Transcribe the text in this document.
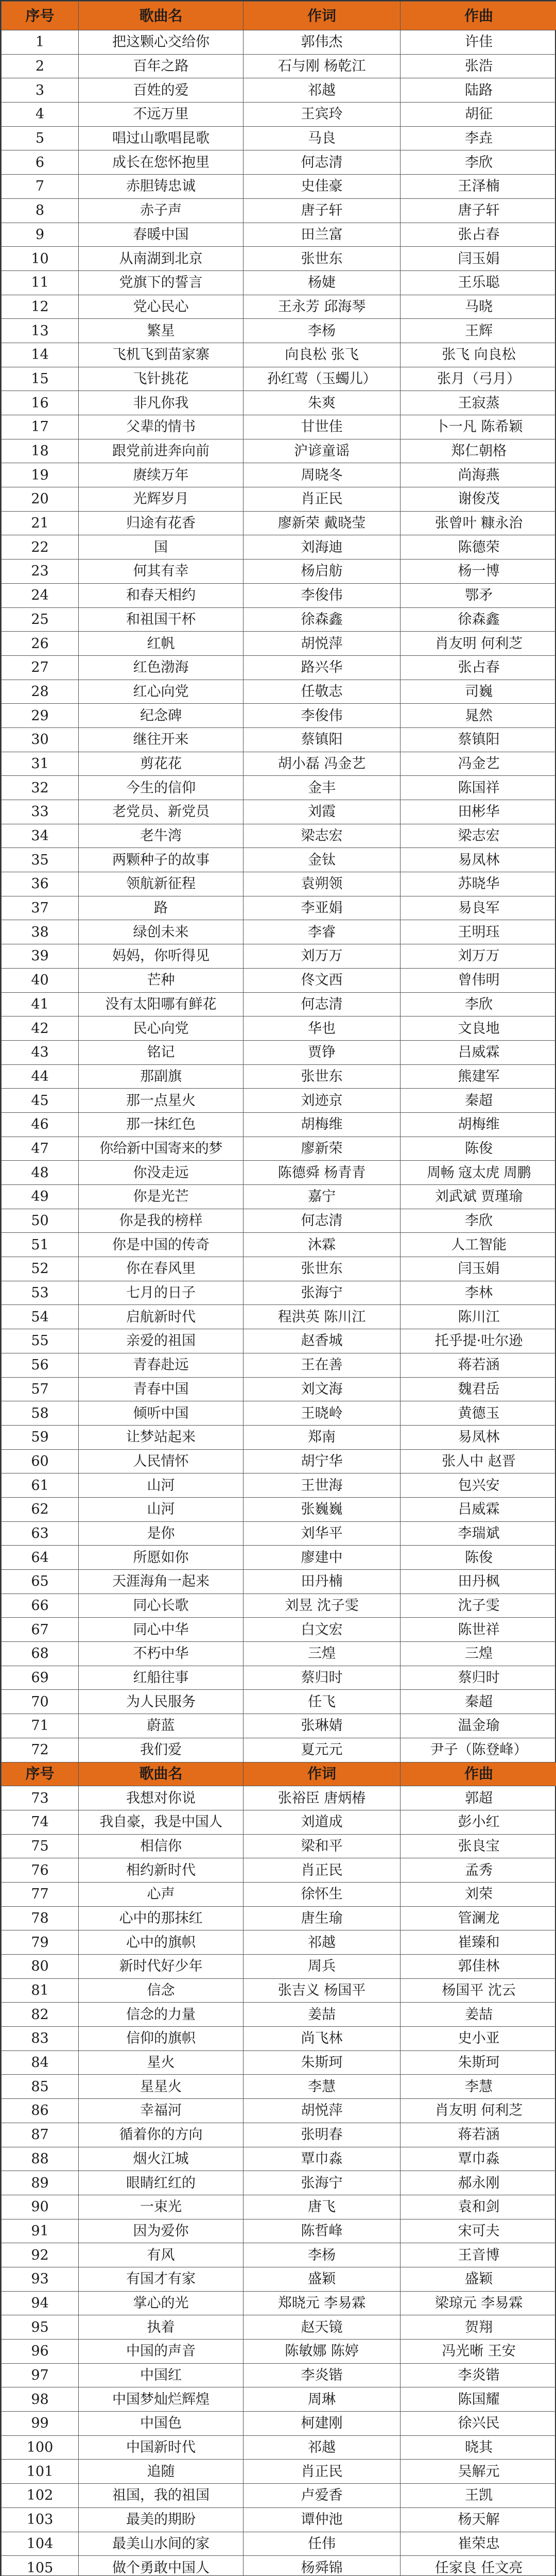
序号	歌曲名	作词	作曲
1	把这颗心交给你	郭伟杰	许佳
2	百年之路	石与刚 杨乾江	张浩
3	百姓的爱	祁越	陆路
4	不远万里	王宾玲	胡征
5	唱过山歌唱昆歌	马良	李垚
6	成长在您怀抱里	何志清	李欣
7	赤胆铸忠诚	史佳豪	王泽楠
8	赤子声	唐子轩	唐子轩
9	春暖中国	田兰富	张占春
10	从南湖到北京	张世东	闫玉娟
11	党旗下的誓言	杨婕	王乐聪
12	党心民心	王永芳 邱海琴	马晓
13	繁星	李杨	王辉
14	飞机飞到苗家寨	向良松 张飞	张飞 向良松
15	飞针挑花	孙红莺（玉蠋儿）	张月（弓月）
16	非凡你我	朱爽	王寂蒸
17	父辈的情书	甘世佳	卜一凡 陈希颖
18	跟党前进奔向前	沪谚童谣	郑仁朝格
19	赓续万年	周晓冬	尚海燕
20	光辉岁月	肖正民	谢俊茂
21	归途有花香	廖新荣 戴晓莹	张曾叶 糠永治
22	国	刘海迪	陈德荣
23	何其有幸	杨启舫	杨一博
24	和春天相约	李俊伟	鄂矛
25	和祖国干杯	徐森鑫	徐森鑫
26	红帆	胡悦萍	肖友明 何利芝
27	红色渤海	路兴华	张占春
28	红心向党	任敬志	司巍
29	纪念碑	李俊伟	晁然
30	继往开来	蔡镇阳	蔡镇阳
31	剪花花	胡小磊 冯金艺	冯金艺
32	今生的信仰	金丰	陈国祥
33	老党员、新党员	刘霞	田彬华
34	老牛湾	梁志宏	梁志宏
35	两颗种子的故事	金钛	易凤林
36	领航新征程	袁朔领	苏晓华
37	路	李亚娟	易良军
38	绿创未来	李睿	王明珏
39	妈妈，你听得见	刘万万	刘万万
40	芒种	佟文西	曾伟明
41	没有太阳哪有鲜花	何志清	李欣
42	民心向党	华也	文良地
43	铭记	贾铮	吕威霖
44	那副旗	张世东	熊建军
45	那一点星火	刘迹京	秦超
46	那一抹红色	胡梅维	胡梅维
47	你给新中国寄来的梦	廖新荣	陈俊
48	你没走远	陈德舜 杨青青	周畅 寇太虎 周鹏
49	你是光芒	嘉宁	刘武斌 贾瑾瑜
50	你是我的榜样	何志清	李欣
51	你是中国的传奇	沐霖	人工智能
52	你在春风里	张世东	闫玉娟
53	七月的日子	张海宁	李林
54	启航新时代	程洪英 陈川江	陈川江
55	亲爱的祖国	赵香城	托乎提·吐尔逊
56	青春赴远	王在善	蒋若涵
57	青春中国	刘文海	魏君岳
58	倾听中国	王晓岭	黄德玉
59	让梦站起来	郑南	易凤林
60	人民情怀	胡宁华	张人中 赵晋
61	山河	王世海	包兴安
62	山河	张巍巍	吕威霖
63	是你	刘华平	李瑞斌
64	所愿如你	廖建中	陈俊
65	天涯海角一起来	田丹楠	田丹枫
66	同心长歌	刘昱 沈子雯	沈子雯
67	同心中华	白文宏	陈世祥
68	不朽中华	三煌	三煌
69	红船往事	蔡归时	蔡归时
70	为人民服务	任飞	秦超
71	蔚蓝	张琳婧	温金瑜
72	我们爱	夏元元	尹子（陈登峰）
序号	歌曲名	作词	作曲
73	我想对你说	张裕臣 唐炳椿	郭超
74	我自豪，我是中国人	刘道成	彭小红
75	相信你	梁和平	张良宝
76	相约新时代	肖正民	孟秀
77	心声	徐怀生	刘荣
78	心中的那抹红	唐生瑜	管澜龙
79	心中的旗帜	祁越	崔臻和
80	新时代好少年	周兵	郭佳林
81	信念	张吉义 杨国平	杨国平 沈云
82	信念的力量	姜喆	姜喆
83	信仰的旗帜	尚飞林	史小亚
84	星火	朱斯珂	朱斯珂
85	星星火	李慧	李慧
86	幸福河	胡悦萍	肖友明 何利芝
87	循着你的方向	张明春	蒋若涵
88	烟火江城	覃巾淼	覃巾淼
89	眼睛红红的	张海宁	郝永刚
90	一束光	唐飞	袁和剑
91	因为爱你	陈哲峰	宋可夫
92	有风	李杨	王音博
93	有国才有家	盛颖	盛颖
94	掌心的光	郑晓元 李易霖	梁琼元 李易霖
95	执着	赵天镜	贺翔
96	中国的声音	陈敏娜 陈婷	冯光晰 王安
97	中国红	李炎锴	李炎锴
98	中国梦灿烂辉煌	周琳	陈国耀
99	中国色	柯建刚	徐兴民
100	中国新时代	祁越	晓其
101	追随	肖正民	吴解元
102	祖国，我的祖国	卢爱香	王凯
103	最美的期盼	谭仲池	杨天解
104	最美山水间的家	任伟	崔荣忠
105	做个勇敢中国人	杨舜锦	任家良 任文亮
